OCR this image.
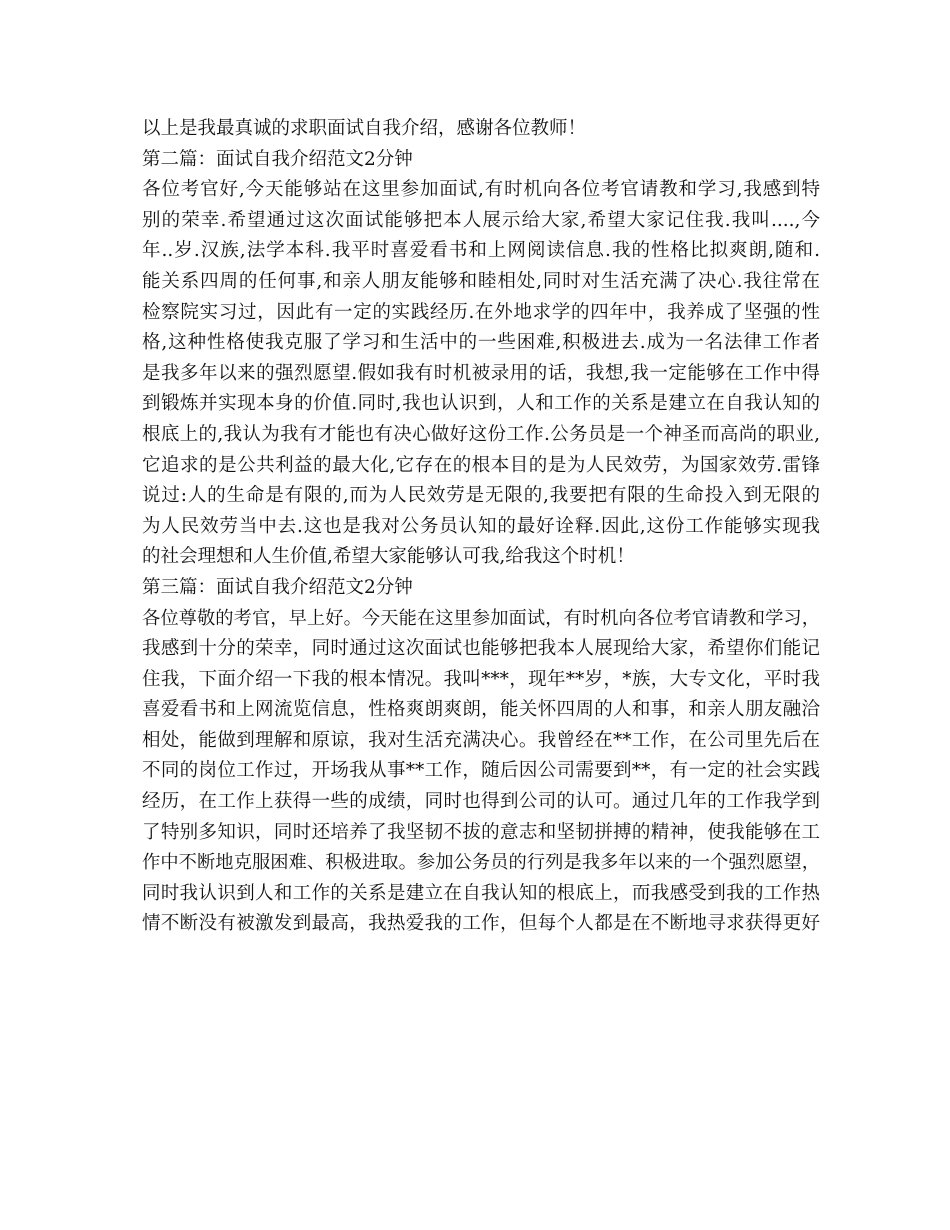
以上是我最真诚的求职面试自我介绍，感谢各位教师！
第二篇：面试自我介绍范文2分钟
各位考官好,今天能够站在这里参加面试,有时机向各位考官请教和学习,我感到特
别的荣幸.希望通过这次面试能够把本人展示给大家,希望大家记住我.我叫....,今
年..岁.汉族,法学本科.我平时喜爱看书和上网阅读信息.我的性格比拟爽朗,随和.
能关系四周的任何事,和亲人朋友能够和睦相处,同时对生活充满了决心.我往常在
检察院实习过，因此有一定的实践经历.在外地求学的四年中，我养成了坚强的性
格,这种性格使我克服了学习和生活中的一些困难,积极进去.成为一名法律工作者
是我多年以来的强烈愿望.假如我有时机被录用的话，我想,我一定能够在工作中得
到锻炼并实现本身的价值.同时,我也认识到，人和工作的关系是建立在自我认知的
根底上的,我认为我有才能也有决心做好这份工作.公务员是一个神圣而高尚的职业,
它追求的是公共利益的最大化,它存在的根本目的是为人民效劳，为国家效劳.雷锋
说过:人的生命是有限的,而为人民效劳是无限的,我要把有限的生命投入到无限的
为人民效劳当中去.这也是我对公务员认知的最好诠释.因此,这份工作能够实现我
的社会理想和人生价值,希望大家能够认可我,给我这个时机！
第三篇：面试自我介绍范文2分钟
各位尊敬的考官，早上好。今天能在这里参加面试，有时机向各位考官请教和学习，
我感到十分的荣幸，同时通过这次面试也能够把我本人展现给大家，希望你们能记
住我，下面介绍一下我的根本情况。我叫***，现年**岁，*族，大专文化，平时我
喜爱看书和上网流览信息，性格爽朗爽朗，能关怀四周的人和事，和亲人朋友融洽
相处，能做到理解和原谅，我对生活充满决心。我曾经在**工作，在公司里先后在
不同的岗位工作过，开场我从事**工作，随后因公司需要到**，有一定的社会实践
经历，在工作上获得一些的成绩，同时也得到公司的认可。通过几年的工作我学到
了特别多知识，同时还培养了我坚韧不拔的意志和坚韧拼搏的精神，使我能够在工
作中不断地克服困难、积极进取。参加公务员的行列是我多年以来的一个强烈愿望，
同时我认识到人和工作的关系是建立在自我认知的根底上，而我感受到我的工作热
情不断没有被激发到最高，我热爱我的工作，但每个人都是在不断地寻求获得更好
